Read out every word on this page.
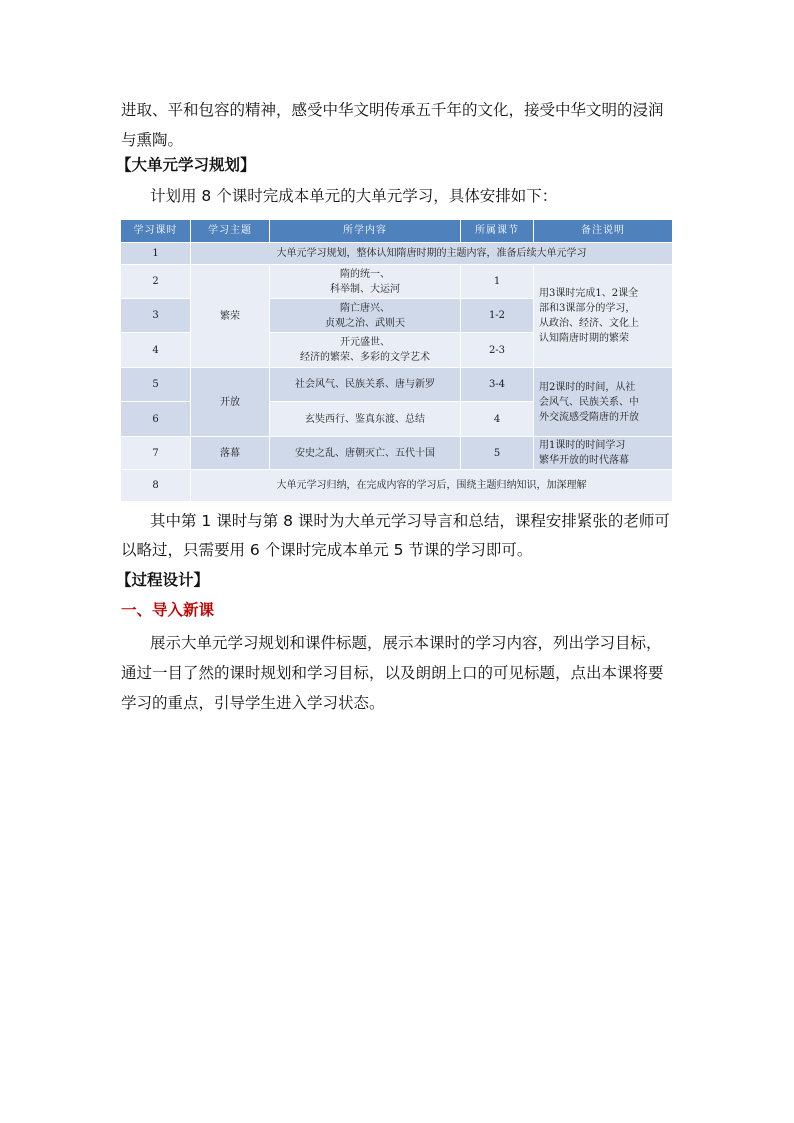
进取、平和包容的精神，感受中华文明传承五千年的文化，接受中华文明的浸润
与熏陶。
【大单元学习规划】
计划用 8 个课时完成本单元的大单元学习，具体安排如下：
学习课时	学习主题	所学内容	所属课节	备注说明
1	大单元学习规划，整体认知隋唐时期的主题内容，准备后续大单元学习			
2	繁荣	隋的统一、
科举制、大运河	1	用3课时完成1、2课全
部和3课部分的学习，
从政治、经济、文化上
认知隋唐时期的繁荣

3		隋亡唐兴、
贞观之治、武则天	1-2	
4		开元盛世、
经济的繁荣、多彩的文学艺术	2-3	
5	开放	社会风气、民族关系、唐与新罗	3-4	用2课时的时间，从社
会风气、民族关系、中
外交流感受隋唐的开放

6		玄奘西行、鉴真东渡、总结	4	
7	落幕	安史之乱、唐朝灭亡、五代十国	5	用1课时的时间学习
繁华开放的时代落幕

8	大单元学习归纳，在完成内容的学习后，围绕主题归纳知识，加深理解			
其中第 1 课时与第 8 课时为大单元学习导言和总结，课程安排紧张的老师可
以略过，只需要用 6 个课时完成本单元 5 节课的学习即可。
【过程设计】
一、导入新课
展示大单元学习规划和课件标题，展示本课时的学习内容，列出学习目标，
通过一目了然的课时规划和学习目标，以及朗朗上口的可见标题，点出本课将要
学习的重点，引导学生进入学习状态。
